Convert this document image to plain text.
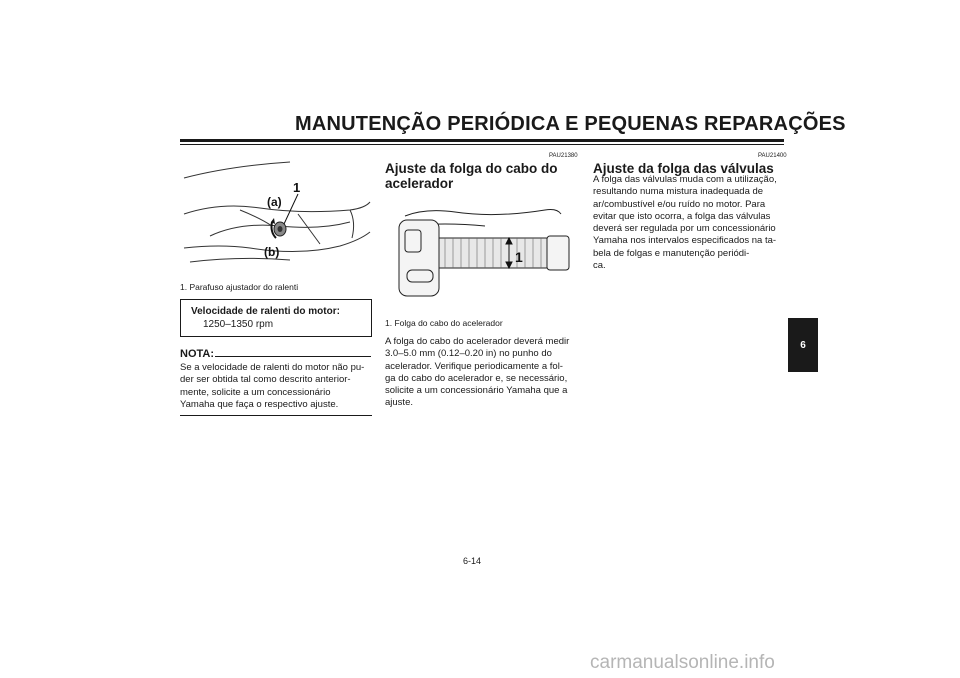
MANUTENÇÃO PERIÓDICA E PEQUENAS REPARAÇÕES
1
(a)
(b)
1. Parafuso ajustador do ralenti
Velocidade de ralenti do motor:
1250–1350 rpm
NOTA:
Se a velocidade de ralenti do motor não pu-
der ser obtida tal como descrito anterior-
mente, solicite a um concessionário
Yamaha que faça o respectivo ajuste.
PAU21380
Ajuste da folga do cabo do
acelerador
1
1. Folga do cabo do acelerador
A folga do cabo do acelerador deverá medir
3.0–5.0 mm (0.12–0.20 in) no punho do
acelerador. Verifique periodicamente a fol-
ga do cabo do acelerador e, se necessário,
solicite a um concessionário Yamaha que a
ajuste.
PAU21400
Ajuste da folga das válvulas
A folga das válvulas muda com a utilização,
resultando numa mistura inadequada de
ar/combustível e/ou ruído no motor. Para
evitar que isto ocorra, a folga das válvulas
deverá ser regulada por um concessionário
Yamaha nos intervalos especificados na ta-
bela de folgas e manutenção periódi-
ca.
6
6-14
carmanualsonline.info
